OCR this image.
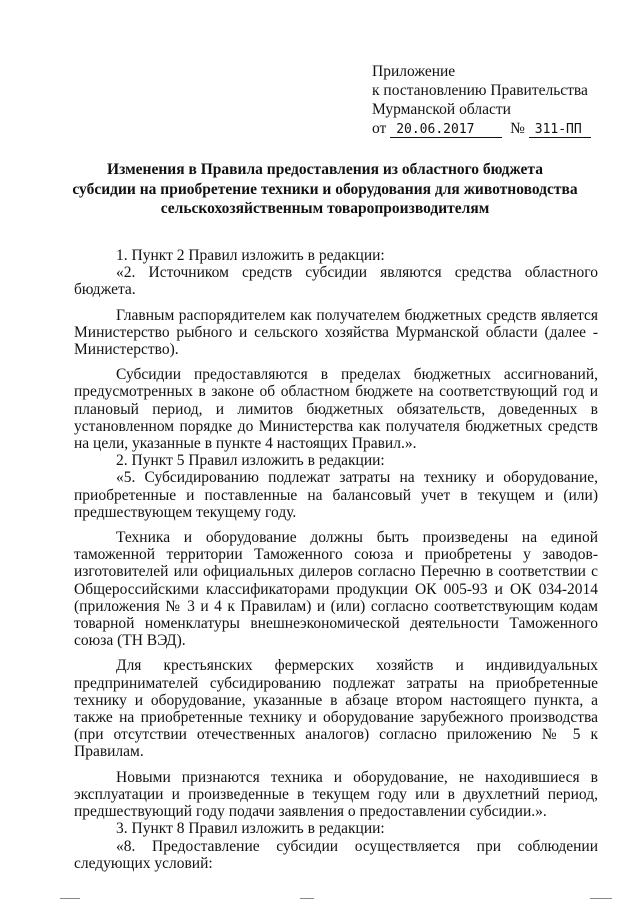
Приложение
к постановлению Правительства
Мурманской области
от 20.06.2017 № 311-ПП
Изменения в Правила предоставления из областного бюджета
субсидии на приобретение техники и оборудования для животноводства
сельскохозяйственным товаропроизводителям

1. Пункт 2 Правил изложить в редакции:

«2. Источником средств субсидии являются средства областного бюджета.

Главным распорядителем как получателем бюджетных средств является Министерство рыбного и сельского хозяйства Мурманской области (далее - Министерство).

Субсидии предоставляются в пределах бюджетных ассигнований, предусмотренных в законе об областном бюджете на соответствующий год и плановый период, и лимитов бюджетных обязательств, доведенных в установленном порядке до Министерства как получателя бюджетных средств на цели, указанные в пункте 4 настоящих Правил.».

2. Пункт 5 Правил изложить в редакции:

«5. Субсидированию подлежат затраты на технику и оборудование, приобретенные и поставленные на балансовый учет в текущем и (или) предшествующем текущему году.

Техника и оборудование должны быть произведены на единой таможенной территории Таможенного союза и приобретены у заводов-изготовителей или официальных дилеров согласно Перечню в соответствии с Общероссийскими классификаторами продукции ОК 005-93 и ОК 034-2014 (приложения № 3 и 4 к Правилам) и (или) согласно соответствующим кодам товарной номенклатуры внешнеэкономической деятельности Таможенного союза (ТН ВЭД).

Для крестьянских фермерских хозяйств и индивидуальных предпринимателей субсидированию подлежат затраты на приобретенные технику и оборудование, указанные в абзаце втором настоящего пункта, а также на приобретенные технику и оборудование зарубежного производства (при отсутствии отечественных аналогов) согласно приложению № 5 к Правилам.

Новыми признаются техника и оборудование, не находившиеся в эксплуатации и произведенные в текущем году или в двухлетний период, предшествующий году подачи заявления о предоставлении субсидии.».

3. Пункт 8 Правил изложить в редакции:

«8. Предоставление субсидии осуществляется при соблюдении следующих условий:
